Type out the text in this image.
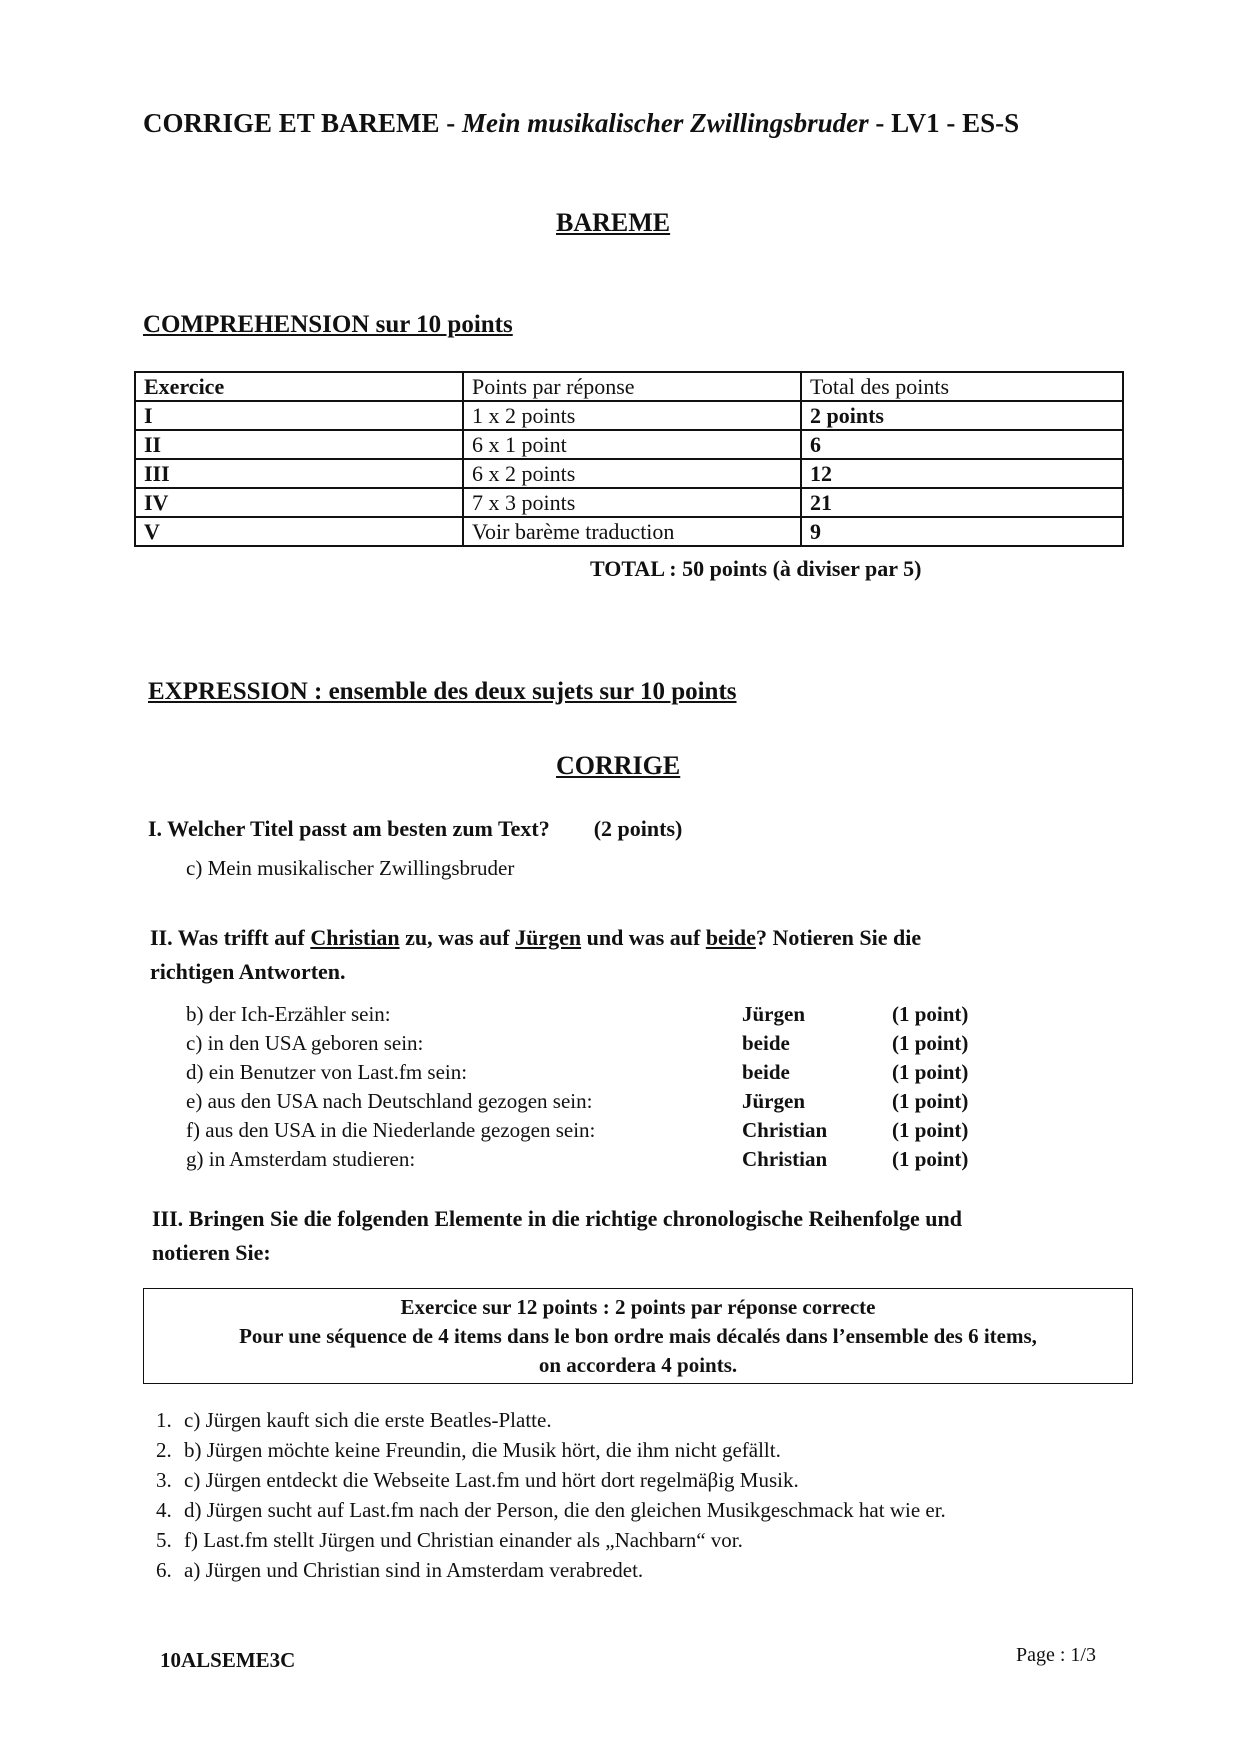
CORRIGE ET BAREME - Mein musikalischer Zwillingsbruder - LV1 - ES-S
BAREME
COMPREHENSION sur 10 points
Exercice	Points par réponse	Total des points
I	1 x 2 points	2 points
II	6 x 1 point	6
III	6 x 2 points	12
IV	7 x 3 points	21
V	Voir barème traduction	9
TOTAL : 50 points (à diviser par 5)
EXPRESSION : ensemble des deux sujets sur 10 points
CORRIGE
I. Welcher Titel passt am besten zum Text? (2 points)
c) Mein musikalischer Zwillingsbruder
II. Was trifft auf Christian zu, was auf Jürgen und was auf beide? Notieren Sie die
richtigen Antworten.
b) der Ich-Erzähler sein:	Jürgen	(1 point)
c) in den USA geboren sein:	beide	(1 point)
d) ein Benutzer von Last.fm sein:	beide	(1 point)
e) aus den USA nach Deutschland gezogen sein:	Jürgen	(1 point)
f) aus den USA in die Niederlande gezogen sein:	Christian	(1 point)
g) in Amsterdam studieren:	Christian	(1 point)
III. Bringen Sie die folgenden Elemente in die richtige chronologische Reihenfolge und
notieren Sie:
Exercice sur 12 points : 2 points par réponse correcte
Pour une séquence de 4 items dans le bon ordre mais décalés dans l’ensemble des 6 items,
on accordera 4 points.
1. c) Jürgen kauft sich die erste Beatles-Platte.
2. b) Jürgen möchte keine Freundin, die Musik hört, die ihm nicht gefällt.
3. c) Jürgen entdeckt die Webseite Last.fm und hört dort regelmäβig Musik.
4. d) Jürgen sucht auf Last.fm nach der Person, die den gleichen Musikgeschmack hat wie er.
5. f) Last.fm stellt Jürgen und Christian einander als „Nachbarn“ vor.
6. a) Jürgen und Christian sind in Amsterdam verabredet.
10ALSEME3C	Page : 1/3
